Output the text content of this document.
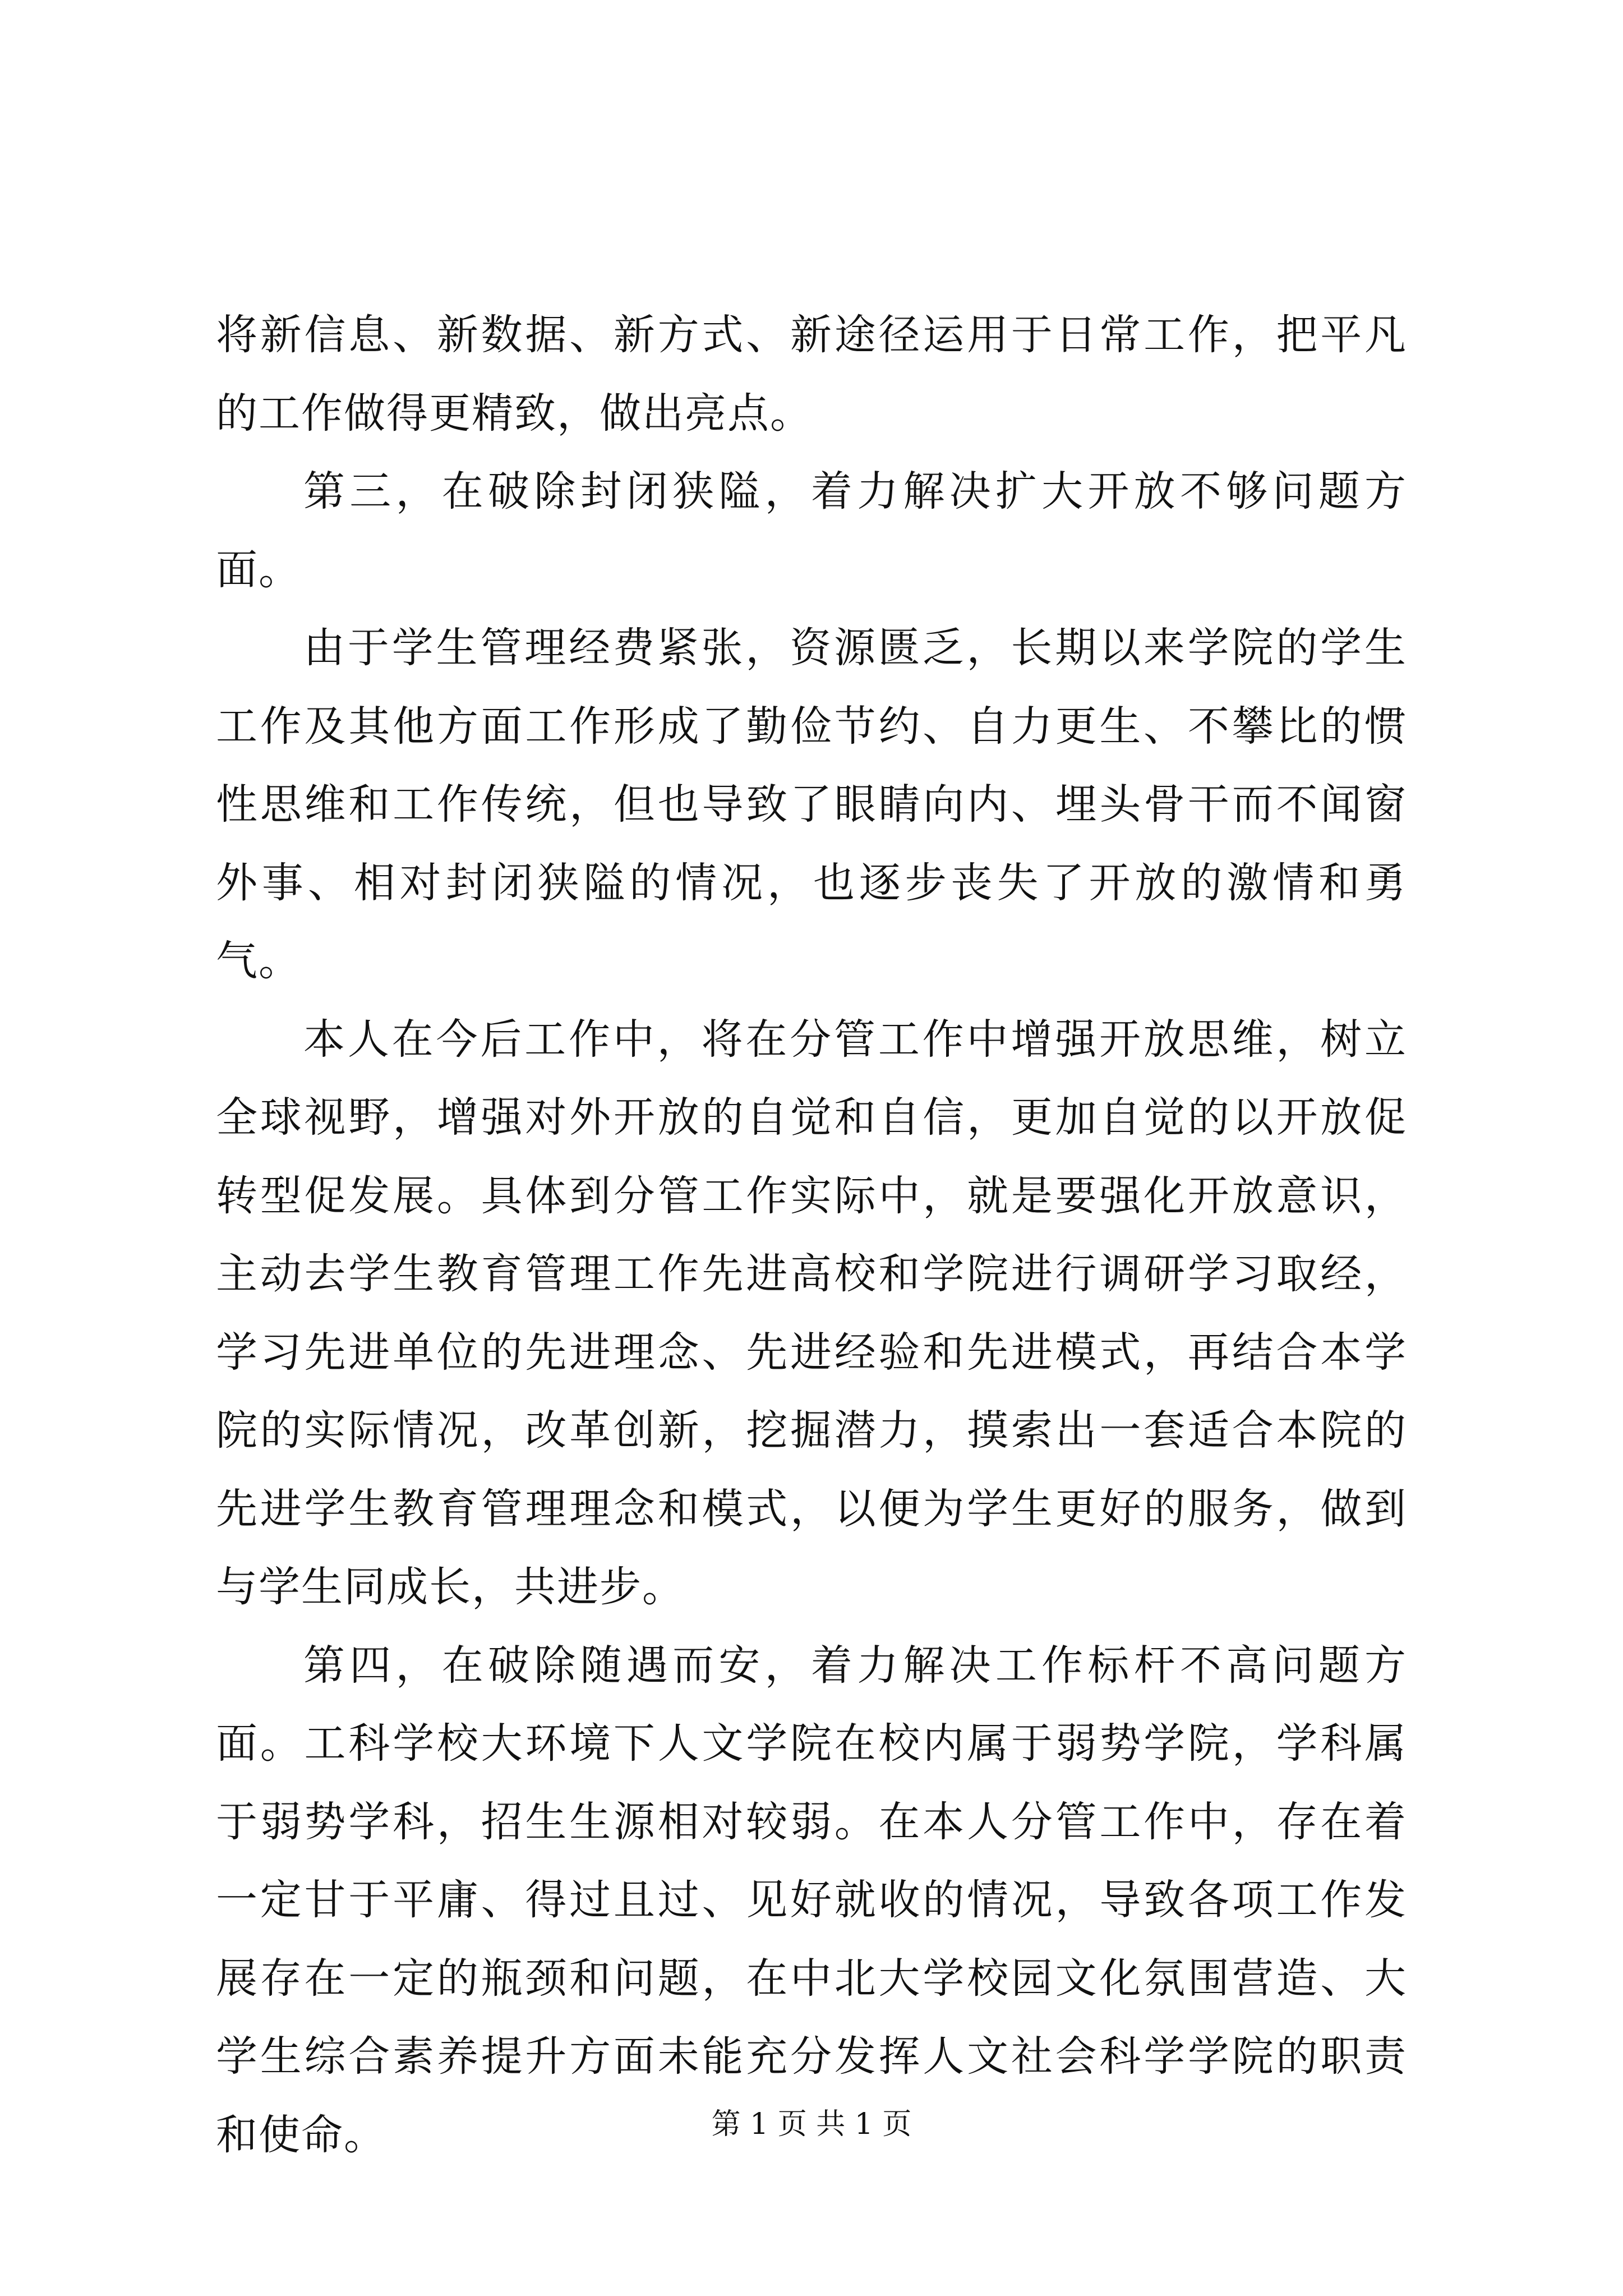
将新信息、新数据、新方式、新途径运用于日常工作，把平凡的工作做得更精致，做出亮点。

第三，在破除封闭狭隘，着力解决扩大开放不够问题方面。

由于学生管理经费紧张，资源匮乏，长期以来学院的学生工作及其他方面工作形成了勤俭节约、自力更生、不攀比的惯性思维和工作传统，但也导致了眼睛向内、埋头骨干而不闻窗外事、相对封闭狭隘的情况，也逐步丧失了开放的激情和勇气。

本人在今后工作中，将在分管工作中增强开放思维，树立全球视野，增强对外开放的自觉和自信，更加自觉的以开放促转型促发展。具体到分管工作实际中，就是要强化开放意识，主动去学生教育管理工作先进高校和学院进行调研学习取经，学习先进单位的先进理念、先进经验和先进模式，再结合本学院的实际情况，改革创新，挖掘潜力，摸索出一套适合本院的先进学生教育管理理念和模式，以便为学生更好的服务，做到与学生同成长，共进步。

第四，在破除随遇而安，着力解决工作标杆不高问题方面。工科学校大环境下人文学院在校内属于弱势学院，学科属于弱势学科，招生生源相对较弱。在本人分管工作中，存在着一定甘于平庸、得过且过、见好就收的情况，导致各项工作发展存在一定的瓶颈和问题，在中北大学校园文化氛围营造、大学生综合素养提升方面未能充分发挥人文社会科学学院的职责和使命。	第 1 页 共 1 页
